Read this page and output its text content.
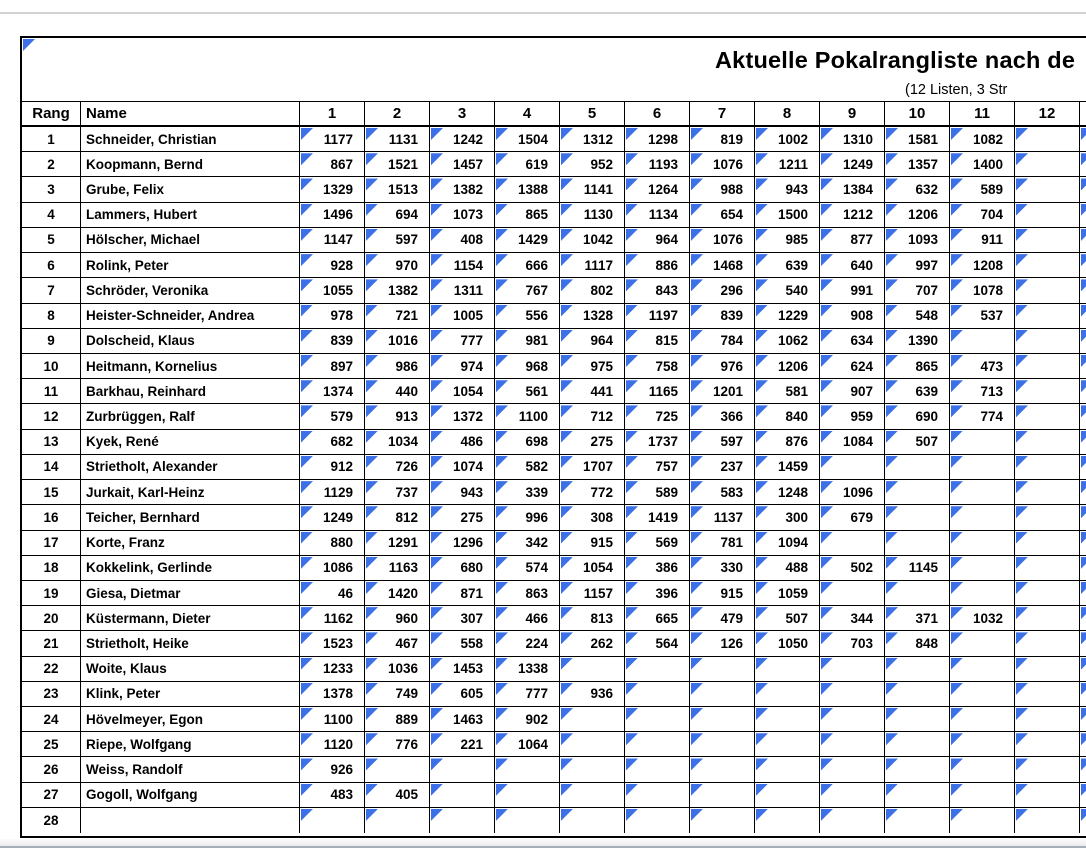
Aktuelle Pokalrangliste nach de
(12 Listen, 3 Str
Rang	Name	1	2	3	4	5	6	7	8	9	10	11	12
1	Schneider, Christian	1177	1131	1242	1504	1312	1298	819	1002	1310	1581	1082
2	Koopmann, Bernd	867	1521	1457	619	952	1193	1076	1211	1249	1357	1400
3	Grube, Felix	1329	1513	1382	1388	1141	1264	988	943	1384	632	589
4	Lammers, Hubert	1496	694	1073	865	1130	1134	654	1500	1212	1206	704
5	Hölscher, Michael	1147	597	408	1429	1042	964	1076	985	877	1093	911
6	Rolink, Peter	928	970	1154	666	1117	886	1468	639	640	997	1208
7	Schröder, Veronika	1055	1382	1311	767	802	843	296	540	991	707	1078
8	Heister-Schneider, Andrea	978	721	1005	556	1328	1197	839	1229	908	548	537
9	Dolscheid, Klaus	839	1016	777	981	964	815	784	1062	634	1390
10	Heitmann, Kornelius	897	986	974	968	975	758	976	1206	624	865	473
11	Barkhau, Reinhard	1374	440	1054	561	441	1165	1201	581	907	639	713
12	Zurbrüggen, Ralf	579	913	1372	1100	712	725	366	840	959	690	774
13	Kyek, René	682	1034	486	698	275	1737	597	876	1084	507
14	Strietholt, Alexander	912	726	1074	582	1707	757	237	1459
15	Jurkait, Karl-Heinz	1129	737	943	339	772	589	583	1248	1096
16	Teicher, Bernhard	1249	812	275	996	308	1419	1137	300	679
17	Korte, Franz	880	1291	1296	342	915	569	781	1094
18	Kokkelink, Gerlinde	1086	1163	680	574	1054	386	330	488	502	1145
19	Giesa, Dietmar	46	1420	871	863	1157	396	915	1059
20	Küstermann, Dieter	1162	960	307	466	813	665	479	507	344	371	1032
21	Strietholt, Heike	1523	467	558	224	262	564	126	1050	703	848
22	Woite, Klaus	1233	1036	1453	1338
23	Klink, Peter	1378	749	605	777	936
24	Hövelmeyer, Egon	1100	889	1463	902
25	Riepe, Wolfgang	1120	776	221	1064
26	Weiss, Randolf	926
27	Gogoll, Wolfgang	483	405
28
